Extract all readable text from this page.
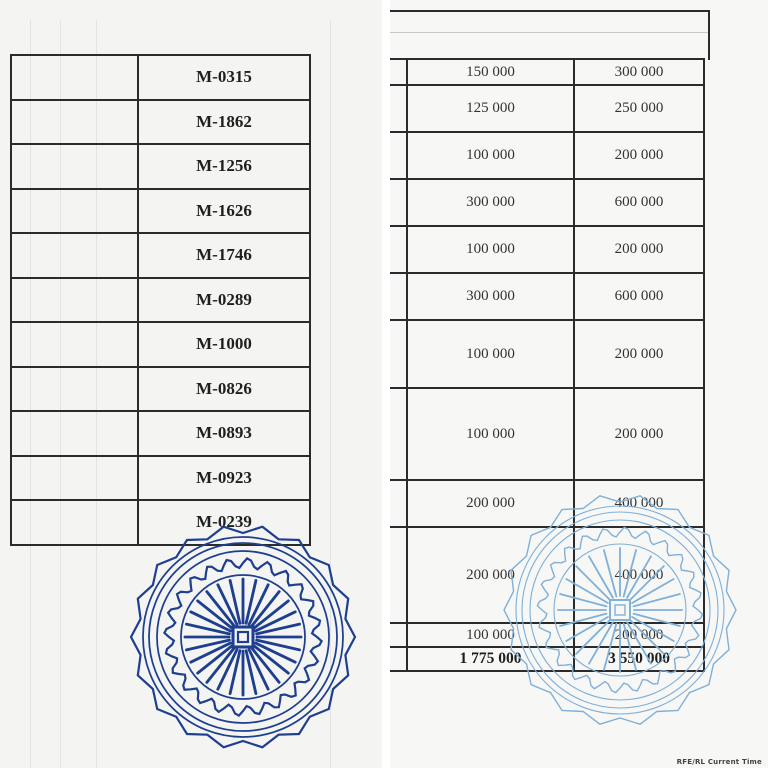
	M-0315
	M-1862
	M-1256
	M-1626
	M-1746
	M-0289
	M-1000
	M-0826
	M-0893
	M-0923
	M-0239
	150 000	300 000
	125 000	250 000
	100 000	200 000
	300 000	600 000
	100 000	200 000
	300 000	600 000
	100 000	200 000
	100 000	200 000
	200 000	400 000
	200 000	400 000
	100 000	200 000
	1 775 000	3 550 000
RFE/RL Current Time
